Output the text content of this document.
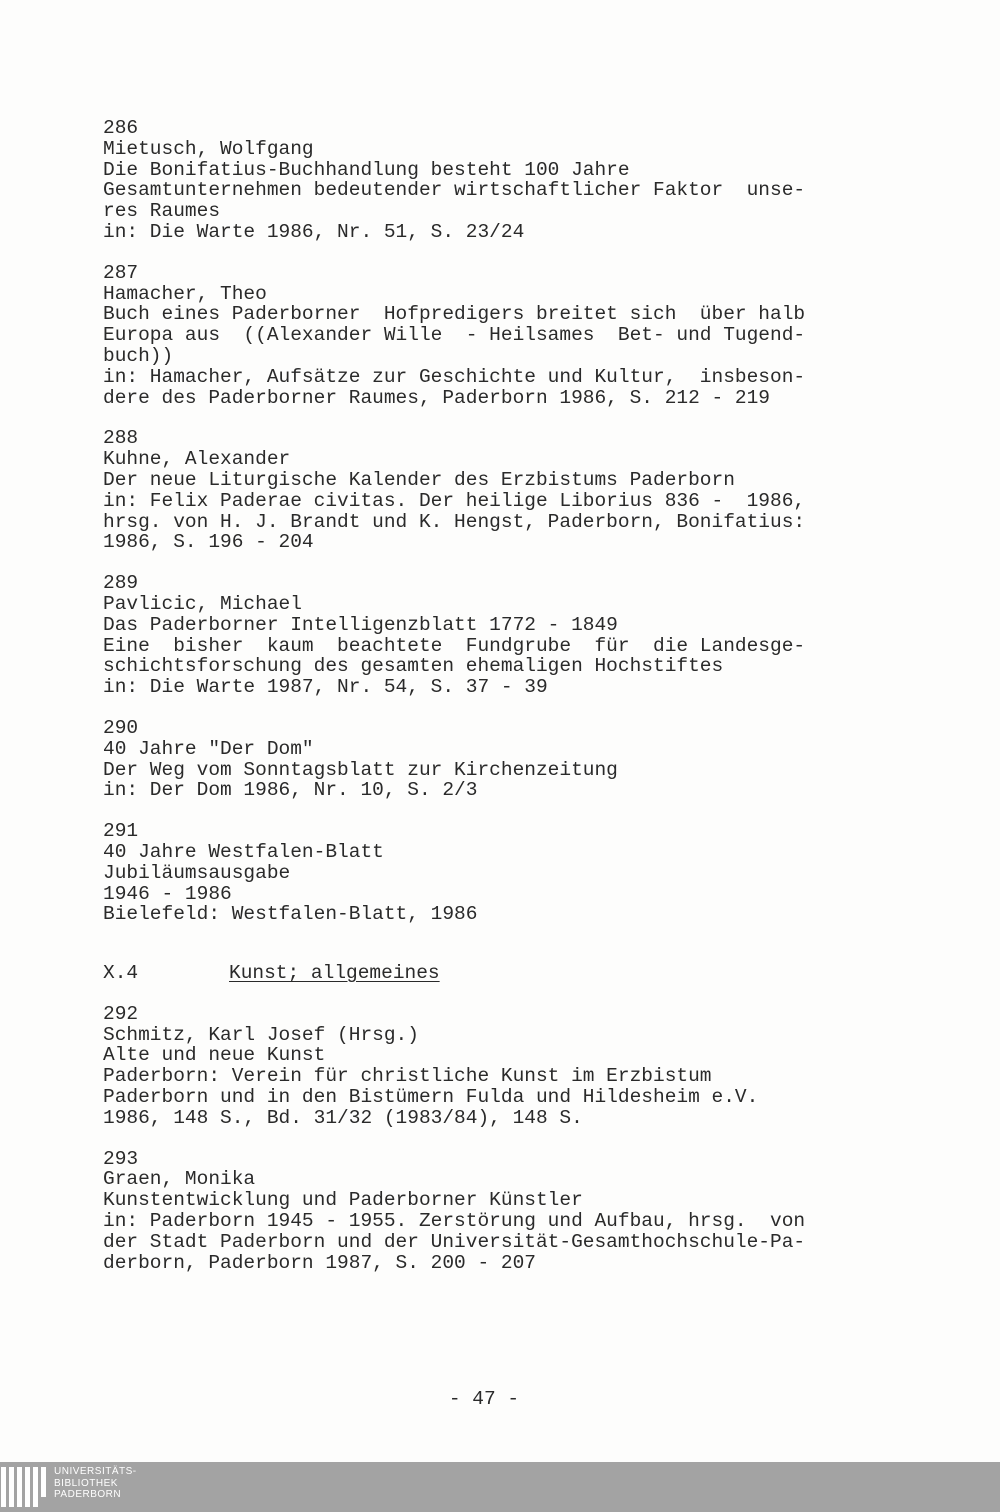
286
Mietusch, Wolfgang
Die Bonifatius-Buchhandlung besteht 100 Jahre
Gesamtunternehmen bedeutender wirtschaftlicher Faktor  unse-
res Raumes
in: Die Warte 1986, Nr. 51, S. 23/24
287
Hamacher, Theo
Buch eines Paderborner  Hofpredigers breitet sich  über halb
Europa aus  ((Alexander Wille  - Heilsames  Bet- und Tugend-
buch))
in: Hamacher, Aufsätze zur Geschichte und Kultur,  insbeson-
dere des Paderborner Raumes, Paderborn 1986, S. 212 - 219
288
Kuhne, Alexander
Der neue Liturgische Kalender des Erzbistums Paderborn
in: Felix Paderae civitas. Der heilige Liborius 836 -  1986,
hrsg. von H. J. Brandt und K. Hengst, Paderborn, Bonifatius:
1986, S. 196 - 204
289
Pavlicic, Michael
Das Paderborner Intelligenzblatt 1772 - 1849
Eine  bisher  kaum  beachtete  Fundgrube  für  die Landesge-
schichtsforschung des gesamten ehemaligen Hochstiftes
in: Die Warte 1987, Nr. 54, S. 37 - 39
290
40 Jahre "Der Dom"
Der Weg vom Sonntagsblatt zur Kirchenzeitung
in: Der Dom 1986, Nr. 10, S. 2/3
291
40 Jahre Westfalen-Blatt
Jubiläumsausgabe
1946 - 1986
Bielefeld: Westfalen-Blatt, 1986
X.4	Kunst; allgemeines
292
Schmitz, Karl Josef (Hrsg.)
Alte und neue Kunst
Paderborn: Verein für christliche Kunst im Erzbistum
Paderborn und in den Bistümern Fulda und Hildesheim e.V.
1986, 148 S., Bd. 31/32 (1983/84), 148 S.
293
Graen, Monika
Kunstentwicklung und Paderborner Künstler
in: Paderborn 1945 - 1955. Zerstörung und Aufbau, hrsg.  von
der Stadt Paderborn und der Universität-Gesamthochschule-Pa-
derborn, Paderborn 1987, S. 200 - 207
- 47 -
UNIVERSITÄTS-
BIBLIOTHEK
PADERBORN
